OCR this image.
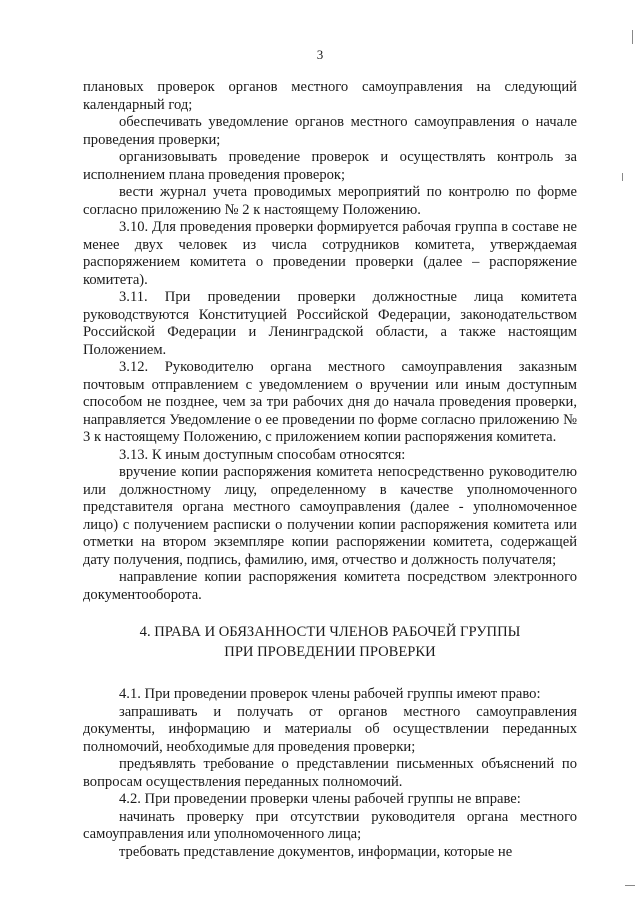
3

плановых проверок органов местного самоуправления на следующий календарный год;

обеспечивать уведомление органов местного самоуправления о начале проведения проверки;

организовывать проведение проверок и осуществлять контроль за исполнением плана проведения проверок;

вести журнал учета проводимых мероприятий по контролю по форме согласно приложению № 2 к настоящему Положению.

3.10. Для проведения проверки формируется рабочая группа в составе не менее двух человек из числа сотрудников комитета, утверждаемая распоряжением комитета о проведении проверки (далее – распоряжение комитета).

3.11. При проведении проверки должностные лица комитета руководствуются Конституцией Российской Федерации, законодательством Российской Федерации и Ленинградской области, а также настоящим Положением.

3.12. Руководителю органа местного самоуправления заказным почтовым отправлением с уведомлением о вручении или иным доступным способом не позднее, чем за три рабочих дня до начала проведения проверки, направляется Уведомление о ее проведении по форме согласно приложению № 3 к настоящему Положению, с приложением копии распоряжения комитета.

3.13. К иным доступным способам относятся:

вручение копии распоряжения комитета непосредственно руководителю или должностному лицу, определенному в качестве уполномоченного представителя органа местного самоуправления (далее - уполномоченное лицо) с получением расписки о получении копии распоряжения комитета или отметки на втором экземпляре копии распоряжении комитета, содержащей дату получения, подпись, фамилию, имя, отчество и должность получателя;

направление копии распоряжения комитета посредством электронного документооборота.

4. ПРАВА И ОБЯЗАННОСТИ ЧЛЕНОВ РАБОЧЕЙ ГРУППЫ
ПРИ ПРОВЕДЕНИИ ПРОВЕРКИ

4.1. При проведении проверок члены рабочей группы имеют право:

запрашивать и получать от органов местного самоуправления документы, информацию и материалы об осуществлении переданных полномочий, необходимые для проведения проверки;

предъявлять требование о представлении письменных объяснений по вопросам осуществления переданных полномочий.

4.2. При проведении проверки члены рабочей группы не вправе:

начинать проверку при отсутствии руководителя органа местного самоуправления или уполномоченного лица;

требовать представление документов, информации, которые не
